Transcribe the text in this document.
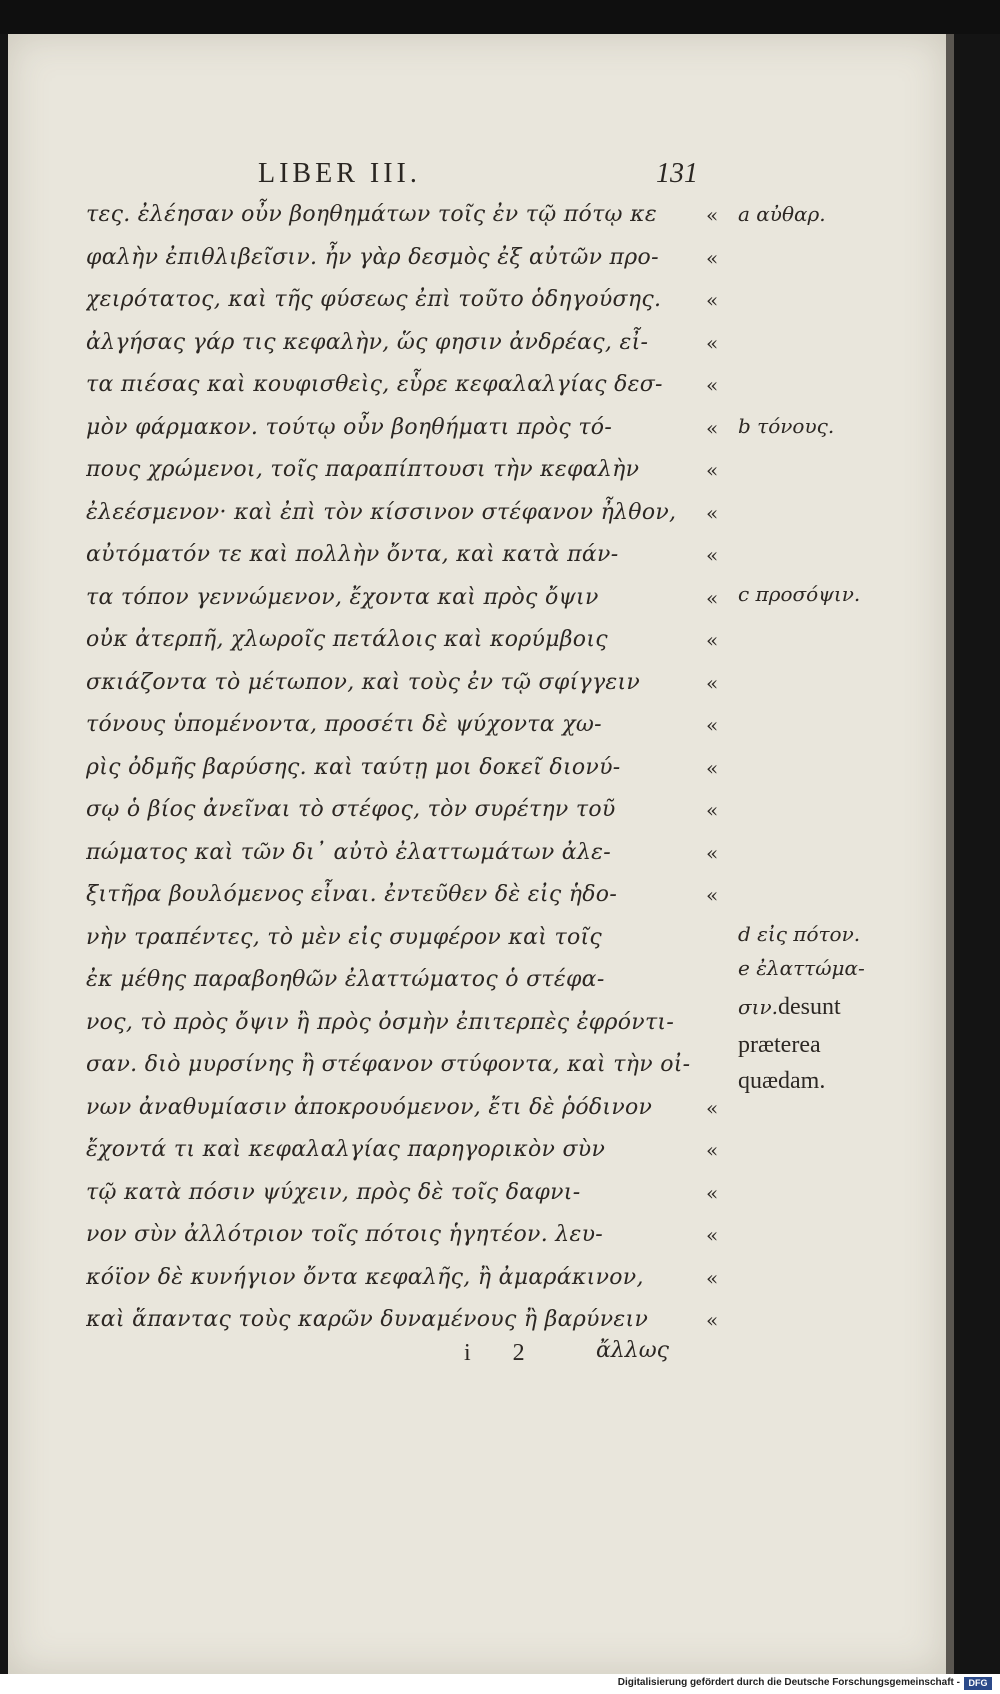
LIBER III.	131
τες. ἐλέησαν οὖν βοηθημάτων τοῖς ἐν τῷ πότῳ κε
φαλὴν ἐπιθλιβεῖσιν. ἦν γὰρ δεσμὸς ἐξ αὐτῶν προ-
χειρότατος, καὶ τῆς φύσεως ἐπὶ τοῦτο ὁδηγούσης.
ἀλγήσας γάρ τις κεφαλὴν, ὥς φησιν ἀνδρέας, εἶ-
τα πιέσας καὶ κουφισθεὶς, εὗρε κεφαλαλγίας δεσ-
μὸν φάρμακον. τούτῳ οὖν βοηθήματι πρὸς τό-
πους χρώμενοι, τοῖς παραπίπτουσι τὴν κεφαλὴν
ἐλεέσμενον· καὶ ἐπὶ τὸν κίσσινον στέφανον ἦλθον,
αὐτόματόν τε καὶ πολλὴν ὄντα, καὶ κατὰ πάν-
τα τόπον γεννώμενον, ἔχοντα καὶ πρὸς ὄψιν
οὐκ ἀτερπῆ, χλωροῖς πετάλοις καὶ κορύμβοις
σκιάζοντα τὸ μέτωπον, καὶ τοὺς ἐν τῷ σφίγγειν
τόνους ὑπομένοντα, προσέτι δὲ ψύχοντα χω-
ρὶς ὀδμῆς βαρύσης. καὶ ταύτῃ μοι δοκεῖ διονύ-
σῳ ὁ βίος ἀνεῖναι τὸ στέφος, τὸν συρέτην τοῦ
πώματος καὶ τῶν δι᾽ αὐτὸ ἐλαττωμάτων ἀλε-
ξιτῆρα βουλόμενος εἶναι. ἐντεῦθεν δὲ εἰς ἡδο-
νὴν τραπέντες, τὸ μὲν εἰς συμφέρον καὶ τοῖς
ἐκ μέθης παραβοηθῶν ἐλαττώματος ὁ στέφα-
νος, τὸ πρὸς ὄψιν ἢ πρὸς ὀσμὴν ἐπιτερπὲς ἐφρόντι-
σαν. διὸ μυρσίνης ἢ στέφανον στύφοντα, καὶ τὴν οἰ-
νων ἀναθυμίασιν ἀποκρουόμενον, ἔτι δὲ ῥόδινον
ἔχοντά τι καὶ κεφαλαλγίας παρηγορικὸν σὺν
τῷ κατὰ πόσιν ψύχειν, πρὸς δὲ τοῖς δαφνι-
νον σὺν ἀλλότριον τοῖς πότοις ἡγητέον. λευ-
κόϊον δὲ κυνήγιον ὄντα κεφαλῆς, ἢ ἀμαράκινον,
καὶ ἅπαντας τοὺς καρῶν δυναμένους ἢ βαρύνειν
«
«
«
«
«
«
«
«
«
«
«
«
«
«
«
«
«
«
«
«
«
«
«
a αὐθαρ.
b τόνους.
c προσόψιν.
d εἰς πότον.
e ἐλαττώμα-
σιν.desunt
præterea
quædam.
i 2 ἄλλως
Digitalisierung gefördert durch die Deutsche Forschungsgemeinschaft - DFG
